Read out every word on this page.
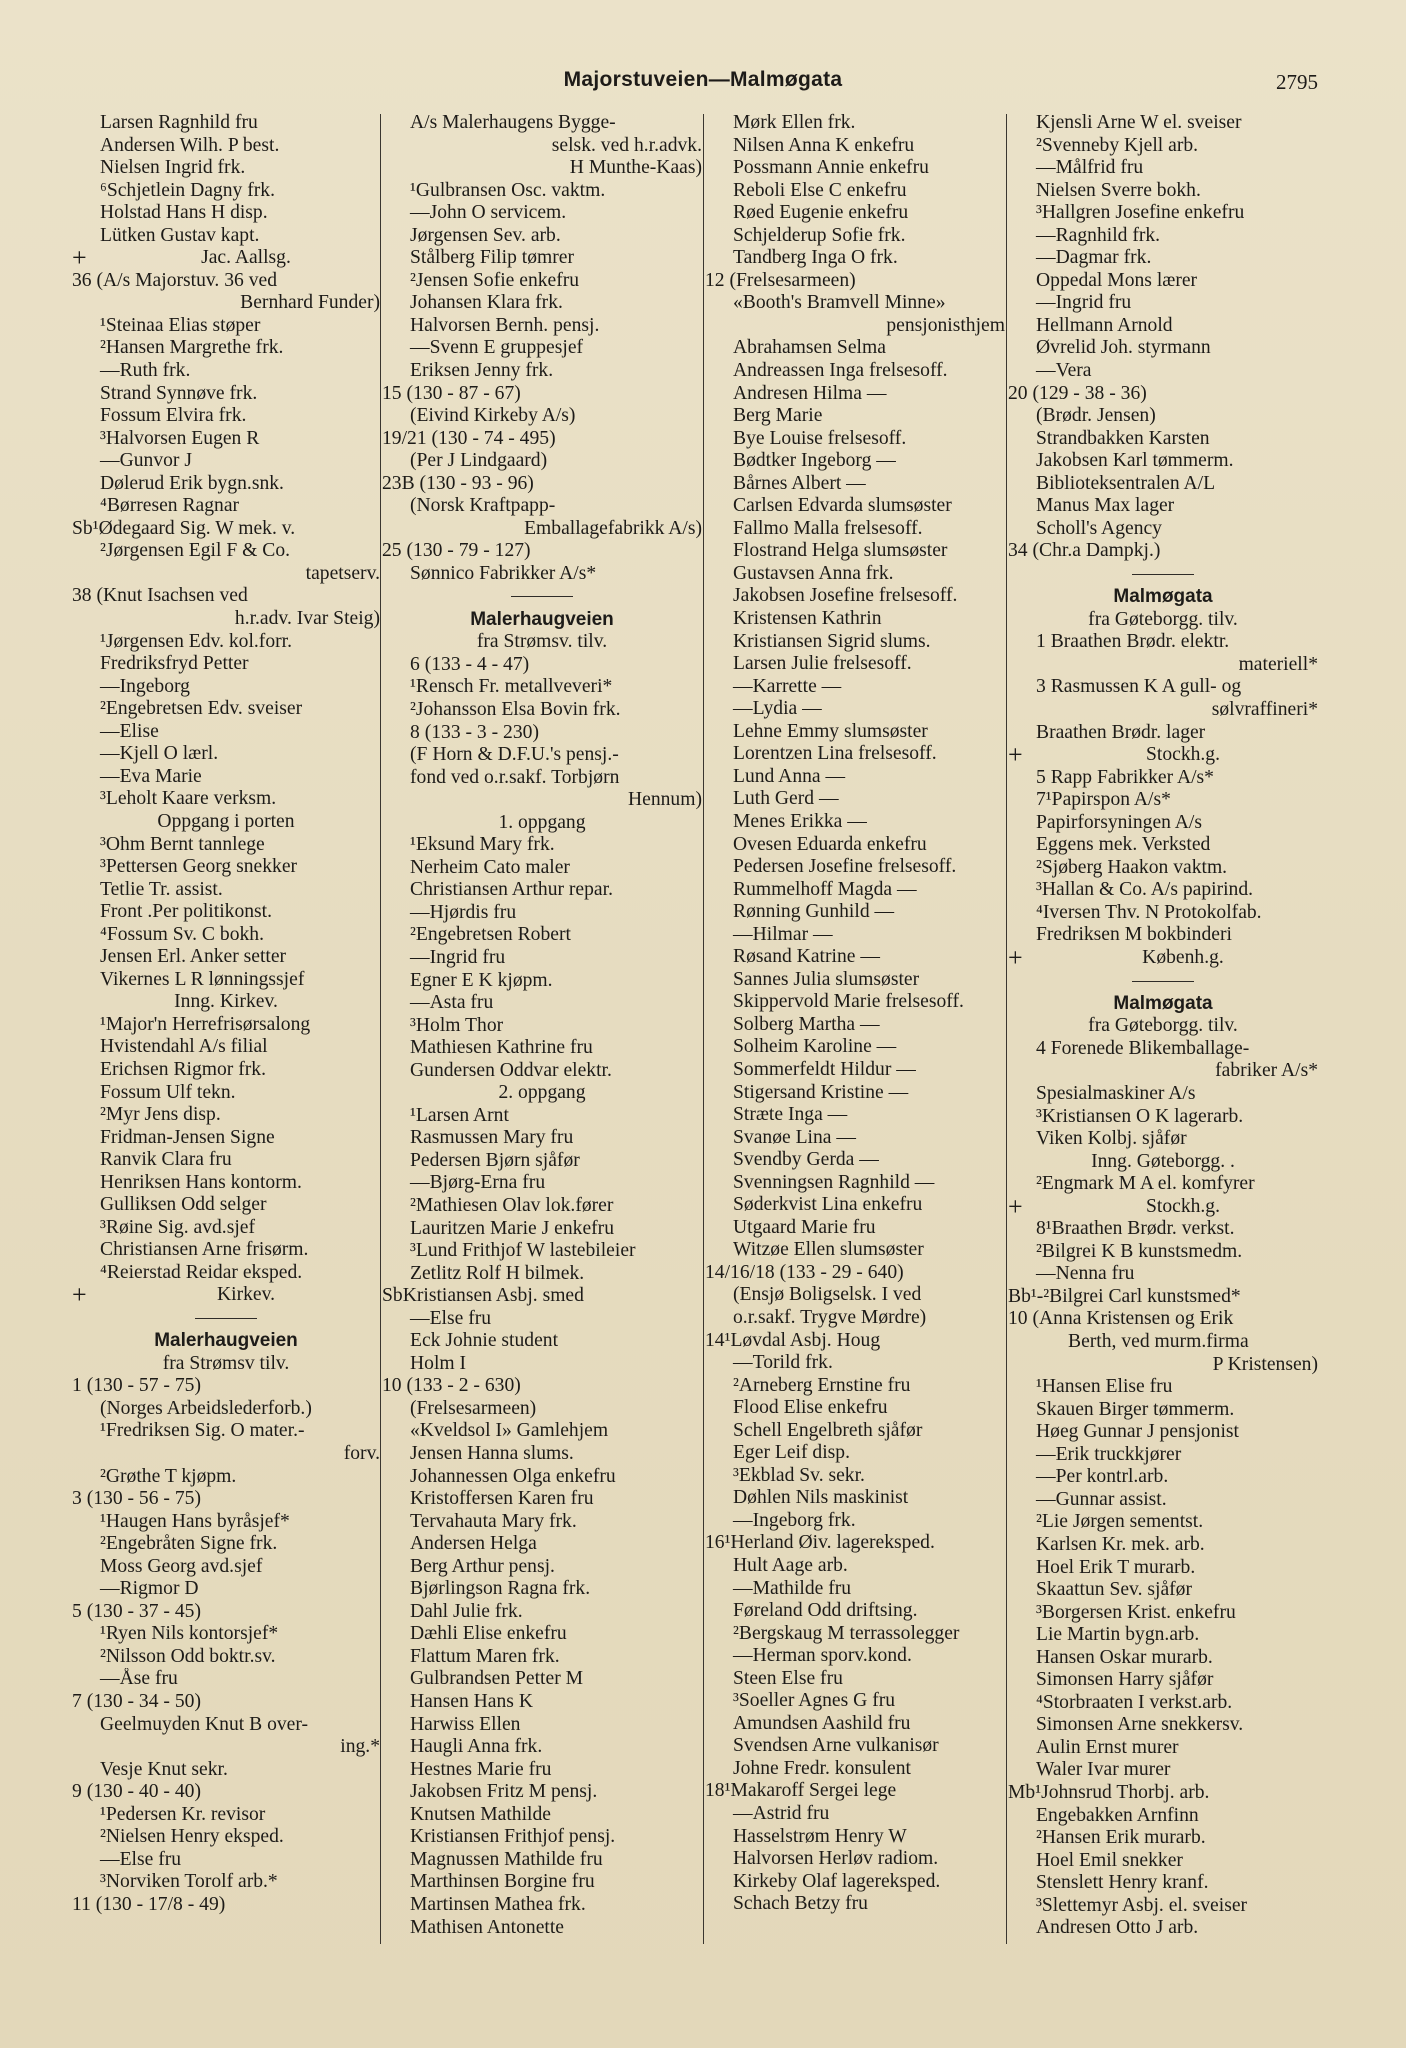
Majorstuveien—Malmøgata	2795
Larsen Ragnhild fru
Andersen Wilh. P best.
Nielsen Ingrid frk.
⁶Schjetlein Dagny frk.
Holstad Hans H disp.
Lütken Gustav kapt.
+	Jac. Aallsg.
36 (A/s Majorstuv. 36 ved
Bernhard Funder)
¹Steinaa Elias støper
²Hansen Margrethe frk.
—Ruth frk.
Strand Synnøve frk.
Fossum Elvira frk.
³Halvorsen Eugen R
—Gunvor J
Dølerud Erik bygn.snk.
⁴Børresen Ragnar
Sb¹Ødegaard Sig. W mek. v.
²Jørgensen Egil F & Co.
tapetserv.
38 (Knut Isachsen ved
h.r.adv. Ivar Steig)
¹Jørgensen Edv. kol.forr.
Fredriksfryd Petter
—Ingeborg
²Engebretsen Edv. sveiser
—Elise
—Kjell O lærl.
—Eva Marie
³Leholt Kaare verksm.
Oppgang i porten
³Ohm Bernt tannlege
³Pettersen Georg snekker
Tetlie Tr. assist.
Front .Per politikonst.
⁴Fossum Sv. C bokh.
Jensen Erl. Anker setter
Vikernes L R lønningssjef
Inng. Kirkev.
¹Major'n Herrefrisørsalong
Hvistendahl A/s filial
Erichsen Rigmor frk.
Fossum Ulf tekn.
²Myr Jens disp.
Fridman-Jensen Signe
Ranvik Clara fru
Henriksen Hans kontorm.
Gulliksen Odd selger
³Røine Sig. avd.sjef
Christiansen Arne frisørm.
⁴Reierstad Reidar eksped.
+	Kirkev.
Malerhaugveien
fra Strømsv tilv.
1 (130 - 57 - 75)
(Norges Arbeidslederforb.)
¹Fredriksen Sig. O mater.-
forv.
²Grøthe T kjøpm.
3 (130 - 56 - 75)
¹Haugen Hans byråsjef*
²Engebråten Signe frk.
Moss Georg avd.sjef
—Rigmor D
5 (130 - 37 - 45)
¹Ryen Nils kontorsjef*
²Nilsson Odd boktr.sv.
—Åse fru
7 (130 - 34 - 50)
Geelmuyden Knut B over-
ing.*
Vesje Knut sekr.
9 (130 - 40 - 40)
¹Pedersen Kr. revisor
²Nielsen Henry eksped.
—Else fru
³Norviken Torolf arb.*
11 (130 - 17/8 - 49)
A/s Malerhaugens Bygge-
selsk. ved h.r.advk.
H Munthe-Kaas)
¹Gulbransen Osc. vaktm.
—John O servicem.
Jørgensen Sev. arb.
Stålberg Filip tømrer
²Jensen Sofie enkefru
Johansen Klara frk.
Halvorsen Bernh. pensj.
—Svenn E gruppesjef
Eriksen Jenny frk.
15 (130 - 87 - 67)
(Eivind Kirkeby A/s)
19/21 (130 - 74 - 495)
(Per J Lindgaard)
23B (130 - 93 - 96)
(Norsk Kraftpapp-
Emballagefabrikk A/s)
25 (130 - 79 - 127)
Sønnico Fabrikker A/s*
Malerhaugveien
fra Strømsv. tilv.
6 (133 - 4 - 47)
¹Rensch Fr. metallveveri*
²Johansson Elsa Bovin frk.
8 (133 - 3 - 230)
(F Horn & D.F.U.'s pensj.-
fond ved o.r.sakf. Torbjørn
Hennum)
1. oppgang
¹Eksund Mary frk.
Nerheim Cato maler
Christiansen Arthur repar.
—Hjørdis fru
²Engebretsen Robert
—Ingrid fru
Egner E K kjøpm.
—Asta fru
³Holm Thor
Mathiesen Kathrine fru
Gundersen Oddvar elektr.
2. oppgang
¹Larsen Arnt
Rasmussen Mary fru
Pedersen Bjørn sjåfør
—Bjørg-Erna fru
²Mathiesen Olav lok.fører
Lauritzen Marie J enkefru
³Lund Frithjof W lastebileier
Zetlitz Rolf H bilmek.
SbKristiansen Asbj. smed
—Else fru
Eck Johnie student
Holm I
10 (133 - 2 - 630)
(Frelsesarmeen)
«Kveldsol I» Gamlehjem
Jensen Hanna slums.
Johannessen Olga enkefru
Kristoffersen Karen fru
Tervahauta Mary frk.
Andersen Helga
Berg Arthur pensj.
Bjørlingson Ragna frk.
Dahl Julie frk.
Dæhli Elise enkefru
Flattum Maren frk.
Gulbrandsen Petter M
Hansen Hans K
Harwiss Ellen
Haugli Anna frk.
Hestnes Marie fru
Jakobsen Fritz M pensj.
Knutsen Mathilde
Kristiansen Frithjof pensj.
Magnussen Mathilde fru
Marthinsen Borgine fru
Martinsen Mathea frk.
Mathisen Antonette
Mørk Ellen frk.
Nilsen Anna K enkefru
Possmann Annie enkefru
Reboli Else C enkefru
Røed Eugenie enkefru
Schjelderup Sofie frk.
Tandberg Inga O frk.
12 (Frelsesarmeen)
«Booth's Bramvell Minne»
pensjonisthjem
Abrahamsen Selma
Andreassen Inga frelsesoff.
Andresen Hilma —
Berg Marie
Bye Louise frelsesoff.
Bødtker Ingeborg —
Bårnes Albert —
Carlsen Edvarda slumsøster
Fallmo Malla frelsesoff.
Flostrand Helga slumsøster
Gustavsen Anna frk.
Jakobsen Josefine frelsesoff.
Kristensen Kathrin
Kristiansen Sigrid slums.
Larsen Julie frelsesoff.
—Karrette —
—Lydia —
Lehne Emmy slumsøster
Lorentzen Lina frelsesoff.
Lund Anna —
Luth Gerd —
Menes Erikka —
Ovesen Eduarda enkefru
Pedersen Josefine frelsesoff.
Rummelhoff Magda —
Rønning Gunhild —
—Hilmar —
Røsand Katrine —
Sannes Julia slumsøster
Skippervold Marie frelsesoff.
Solberg Martha —
Solheim Karoline —
Sommerfeldt Hildur —
Stigersand Kristine —
Stræte Inga —
Svanøe Lina —
Svendby Gerda —
Svenningsen Ragnhild —
Søderkvist Lina enkefru
Utgaard Marie fru
Witzøe Ellen slumsøster
14/16/18 (133 - 29 - 640)
(Ensjø Boligselsk. I ved
o.r.sakf. Trygve Mørdre)
14¹Løvdal Asbj. Houg
—Torild frk.
²Arneberg Ernstine fru
Flood Elise enkefru
Schell Engelbreth sjåfør
Eger Leif disp.
³Ekblad Sv. sekr.
Døhlen Nils maskinist
—Ingeborg frk.
16¹Herland Øiv. lagereksped.
Hult Aage arb.
—Mathilde fru
Føreland Odd driftsing.
²Bergskaug M terrassolegger
—Herman sporv.kond.
Steen Else fru
³Soeller Agnes G fru
Amundsen Aashild fru
Svendsen Arne vulkanisør
Johne Fredr. konsulent
18¹Makaroff Sergei lege
—Astrid fru
Hasselstrøm Henry W
Halvorsen Herløv radiom.
Kirkeby Olaf lagereksped.
Schach Betzy fru
Kjensli Arne W el. sveiser
²Svenneby Kjell arb.
—Målfrid fru
Nielsen Sverre bokh.
³Hallgren Josefine enkefru
—Ragnhild frk.
—Dagmar frk.
Oppedal Mons lærer
—Ingrid fru
Hellmann Arnold
Øvrelid Joh. styrmann
—Vera
20 (129 - 38 - 36)
(Brødr. Jensen)
Strandbakken Karsten
Jakobsen Karl tømmerm.
Biblioteksentralen A/L
Manus Max lager
Scholl's Agency
34 (Chr.a Dampkj.)
Malmøgata
fra Gøteborgg. tilv.
1 Braathen Brødr. elektr.
materiell*
3 Rasmussen K A gull- og
sølvraffineri*
Braathen Brødr. lager
+	Stockh.g.
5 Rapp Fabrikker A/s*
7¹Papirspon A/s*
Papirforsyningen A/s
Eggens mek. Verksted
²Sjøberg Haakon vaktm.
³Hallan & Co. A/s papirind.
⁴Iversen Thv. N Protokolfab.
Fredriksen M bokbinderi
+	Københ.g.
Malmøgata
fra Gøteborgg. tilv.
4 Forenede Blikemballage-
fabriker A/s*
Spesialmaskiner A/s
³Kristiansen O K lagerarb.
Viken Kolbj. sjåfør
Inng. Gøteborgg. .
²Engmark M A el. komfyrer
+	Stockh.g.
8¹Braathen Brødr. verkst.
²Bilgrei K B kunstsmedm.
—Nenna fru
Bb¹-²Bilgrei Carl kunstsmed*
10 (Anna Kristensen og Erik
Berth, ved murm.firma
P Kristensen)
¹Hansen Elise fru
Skauen Birger tømmerm.
Høeg Gunnar J pensjonist
—Erik truckkjører
—Per kontrl.arb.
—Gunnar assist.
²Lie Jørgen sementst.
Karlsen Kr. mek. arb.
Hoel Erik T murarb.
Skaattun Sev. sjåfør
³Borgersen Krist. enkefru
Lie Martin bygn.arb.
Hansen Oskar murarb.
Simonsen Harry sjåfør
⁴Storbraaten I verkst.arb.
Simonsen Arne snekkersv.
Aulin Ernst murer
Waler Ivar murer
Mb¹Johnsrud Thorbj. arb.
Engebakken Arnfinn
²Hansen Erik murarb.
Hoel Emil snekker
Stenslett Henry kranf.
³Slettemyr Asbj. el. sveiser
Andresen Otto J arb.
